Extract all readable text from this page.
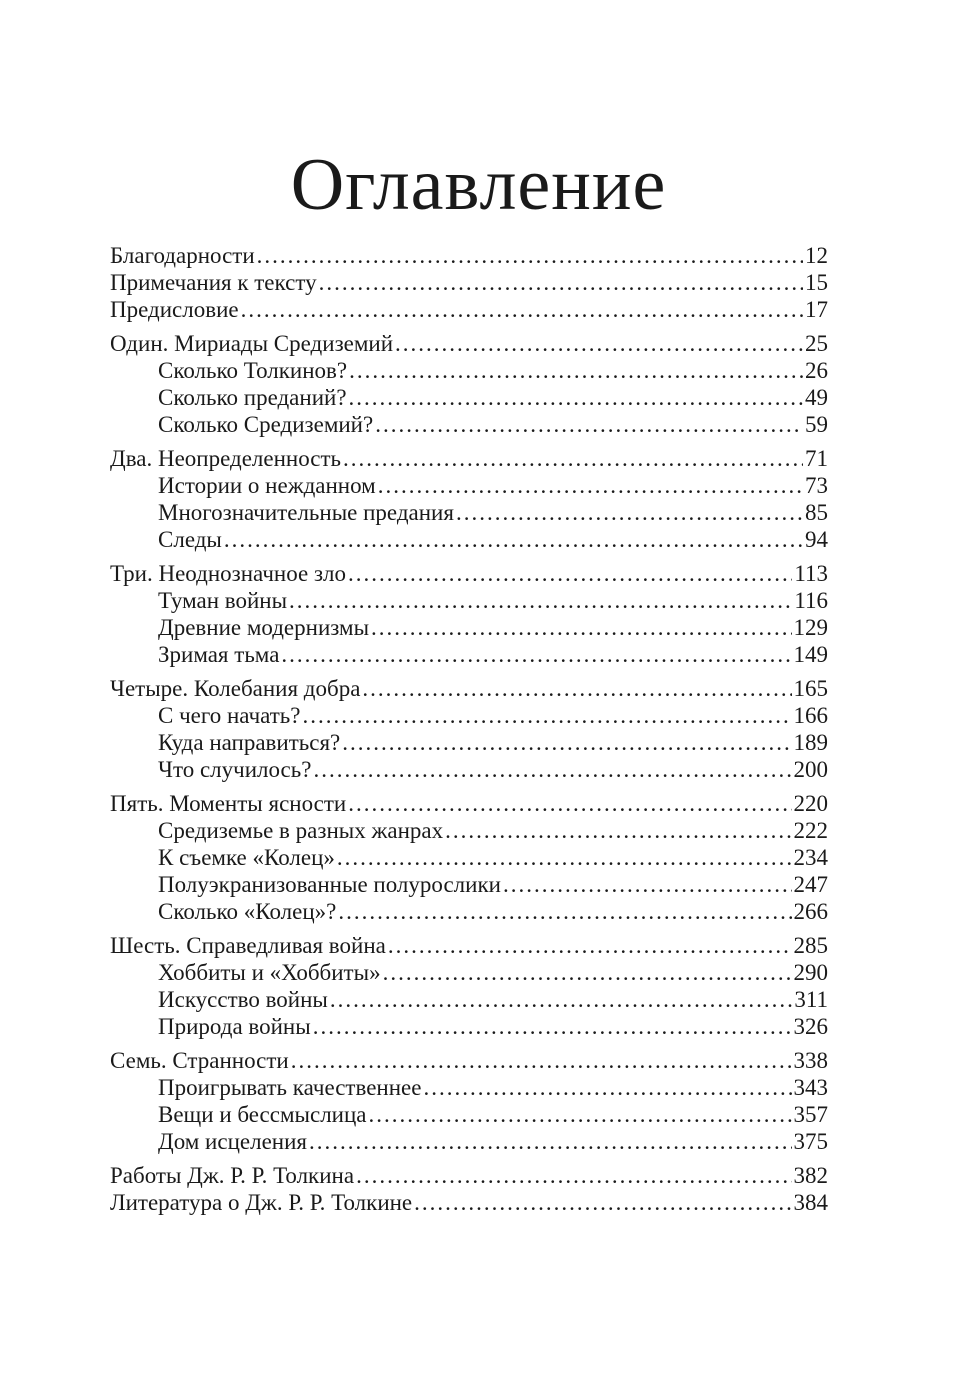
Оглавление
Благодарности .....	12
Примечания к тексту .....	15
Предисловие .....	17
Один. Мириады Средиземий .....	25
Сколько Толкинов? .....	26
Сколько преданий? .....	49
Сколько Средиземий? .....	59
Два. Неопределенность .....	71
Истории о нежданном .....	73
Многозначительные предания .....	85
Следы .....	94
Три. Неоднозначное зло .....	113
Туман войны .....	116
Древние модернизмы .....	129
Зримая тьма .....	149
Четыре. Колебания добра .....	165
С чего начать? .....	166
Куда направиться? .....	189
Что случилось? .....	200
Пять. Моменты ясности .....	220
Средиземье в разных жанрах .....	222
К съемке «Колец» .....	234
Полуэкранизованные полурослики .....	247
Сколько «Колец»? .....	266
Шесть. Справедливая война .....	285
Хоббиты и «Хоббиты» .....	290
Искусство войны .....	311
Природа войны .....	326
Семь. Странности .....	338
Проигрывать качественнее .....	343
Вещи и бессмыслица .....	357
Дом исцеления .....	375
Работы Дж. Р. Р. Толкина .....	382
Литература о Дж. Р. Р. Толкине .....	384
